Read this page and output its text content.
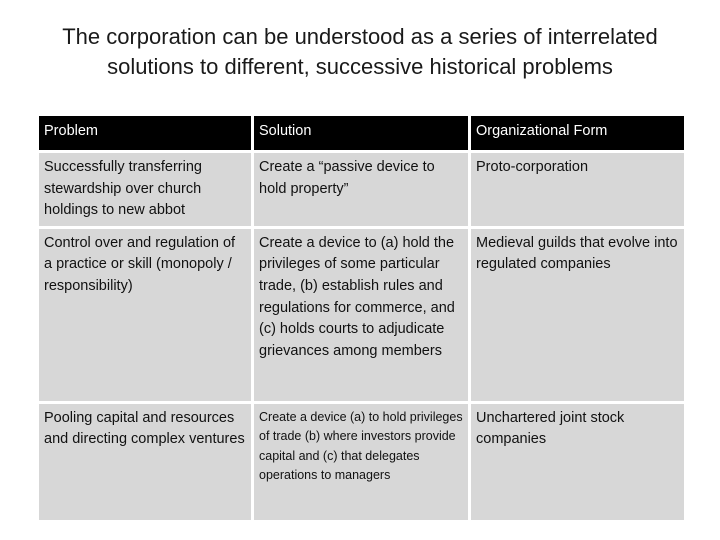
The corporation can be understood as a series of interrelated solutions to different, successive historical problems
Problem	Solution	Organizational Form
Successfully transferring stewardship over church holdings to new abbot	Create a “passive device to hold property”	Proto-corporation
Control over and regulation of a practice or skill (monopoly / responsibility)	Create a device to (a) hold the privileges of some particular trade, (b) establish rules and regulations for commerce, and (c) holds courts to adjudicate grievances among members	Medieval guilds that evolve into regulated companies
Pooling capital and resources and directing complex ventures	Create a device (a) to hold privileges of trade (b) where investors provide capital and (c) that delegates operations to managers	Unchartered joint stock companies
